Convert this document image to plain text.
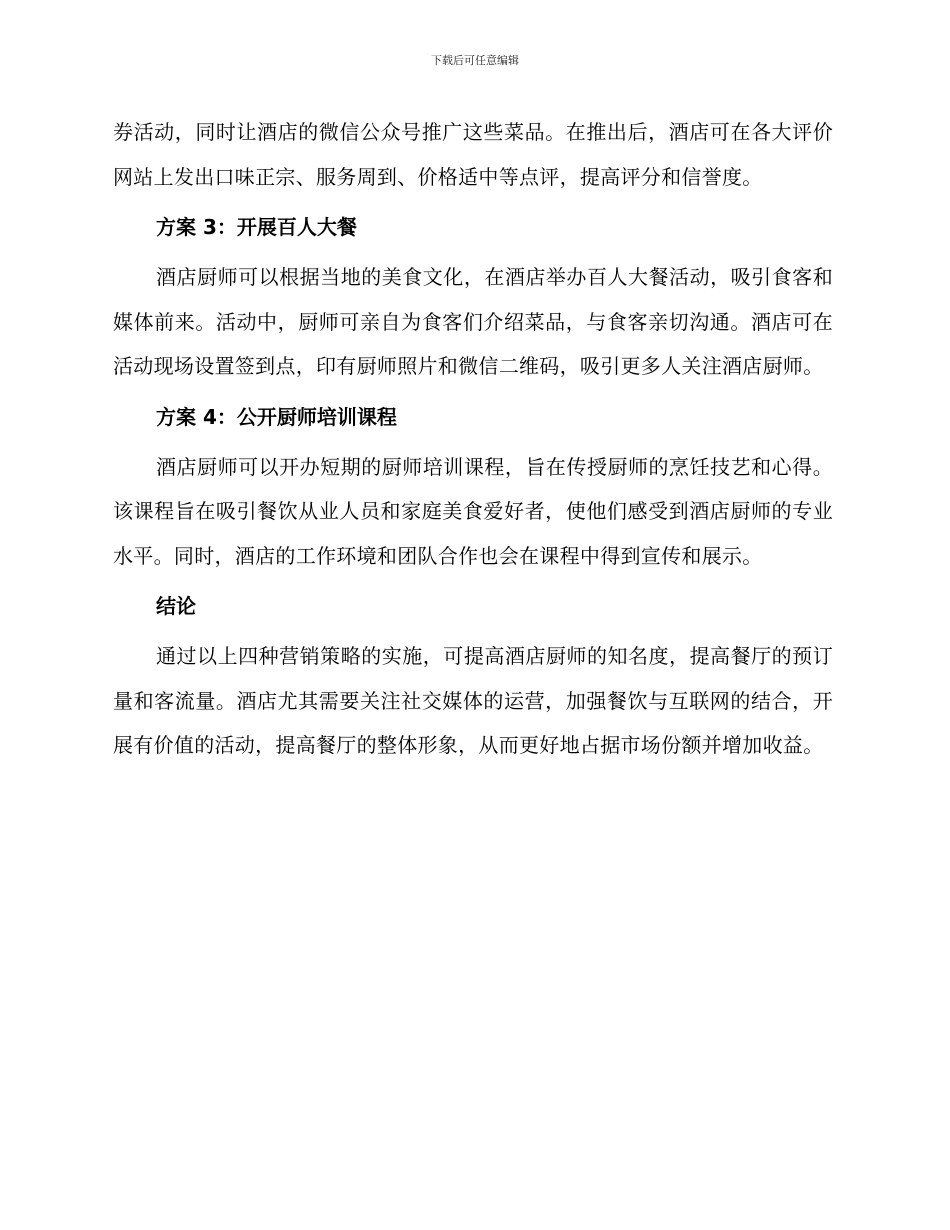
下载后可任意编辑

券活动，同时让酒店的微信公众号推广这些菜品。在推出后，酒店可在各大评价网站上发出口味正宗、服务周到、价格适中等点评，提高评分和信誉度。

方案 3：开展百人大餐

酒店厨师可以根据当地的美食文化，在酒店举办百人大餐活动，吸引食客和媒体前来。活动中，厨师可亲自为食客们介绍菜品，与食客亲切沟通。酒店可在活动现场设置签到点，印有厨师照片和微信二维码，吸引更多人关注酒店厨师。

方案 4：公开厨师培训课程

酒店厨师可以开办短期的厨师培训课程，旨在传授厨师的烹饪技艺和心得。该课程旨在吸引餐饮从业人员和家庭美食爱好者，使他们感受到酒店厨师的专业水平。同时，酒店的工作环境和团队合作也会在课程中得到宣传和展示。

结论

通过以上四种营销策略的实施，可提高酒店厨师的知名度，提高餐厅的预订量和客流量。酒店尤其需要关注社交媒体的运营，加强餐饮与互联网的结合，开展有价值的活动，提高餐厅的整体形象，从而更好地占据市场份额并增加收益。
